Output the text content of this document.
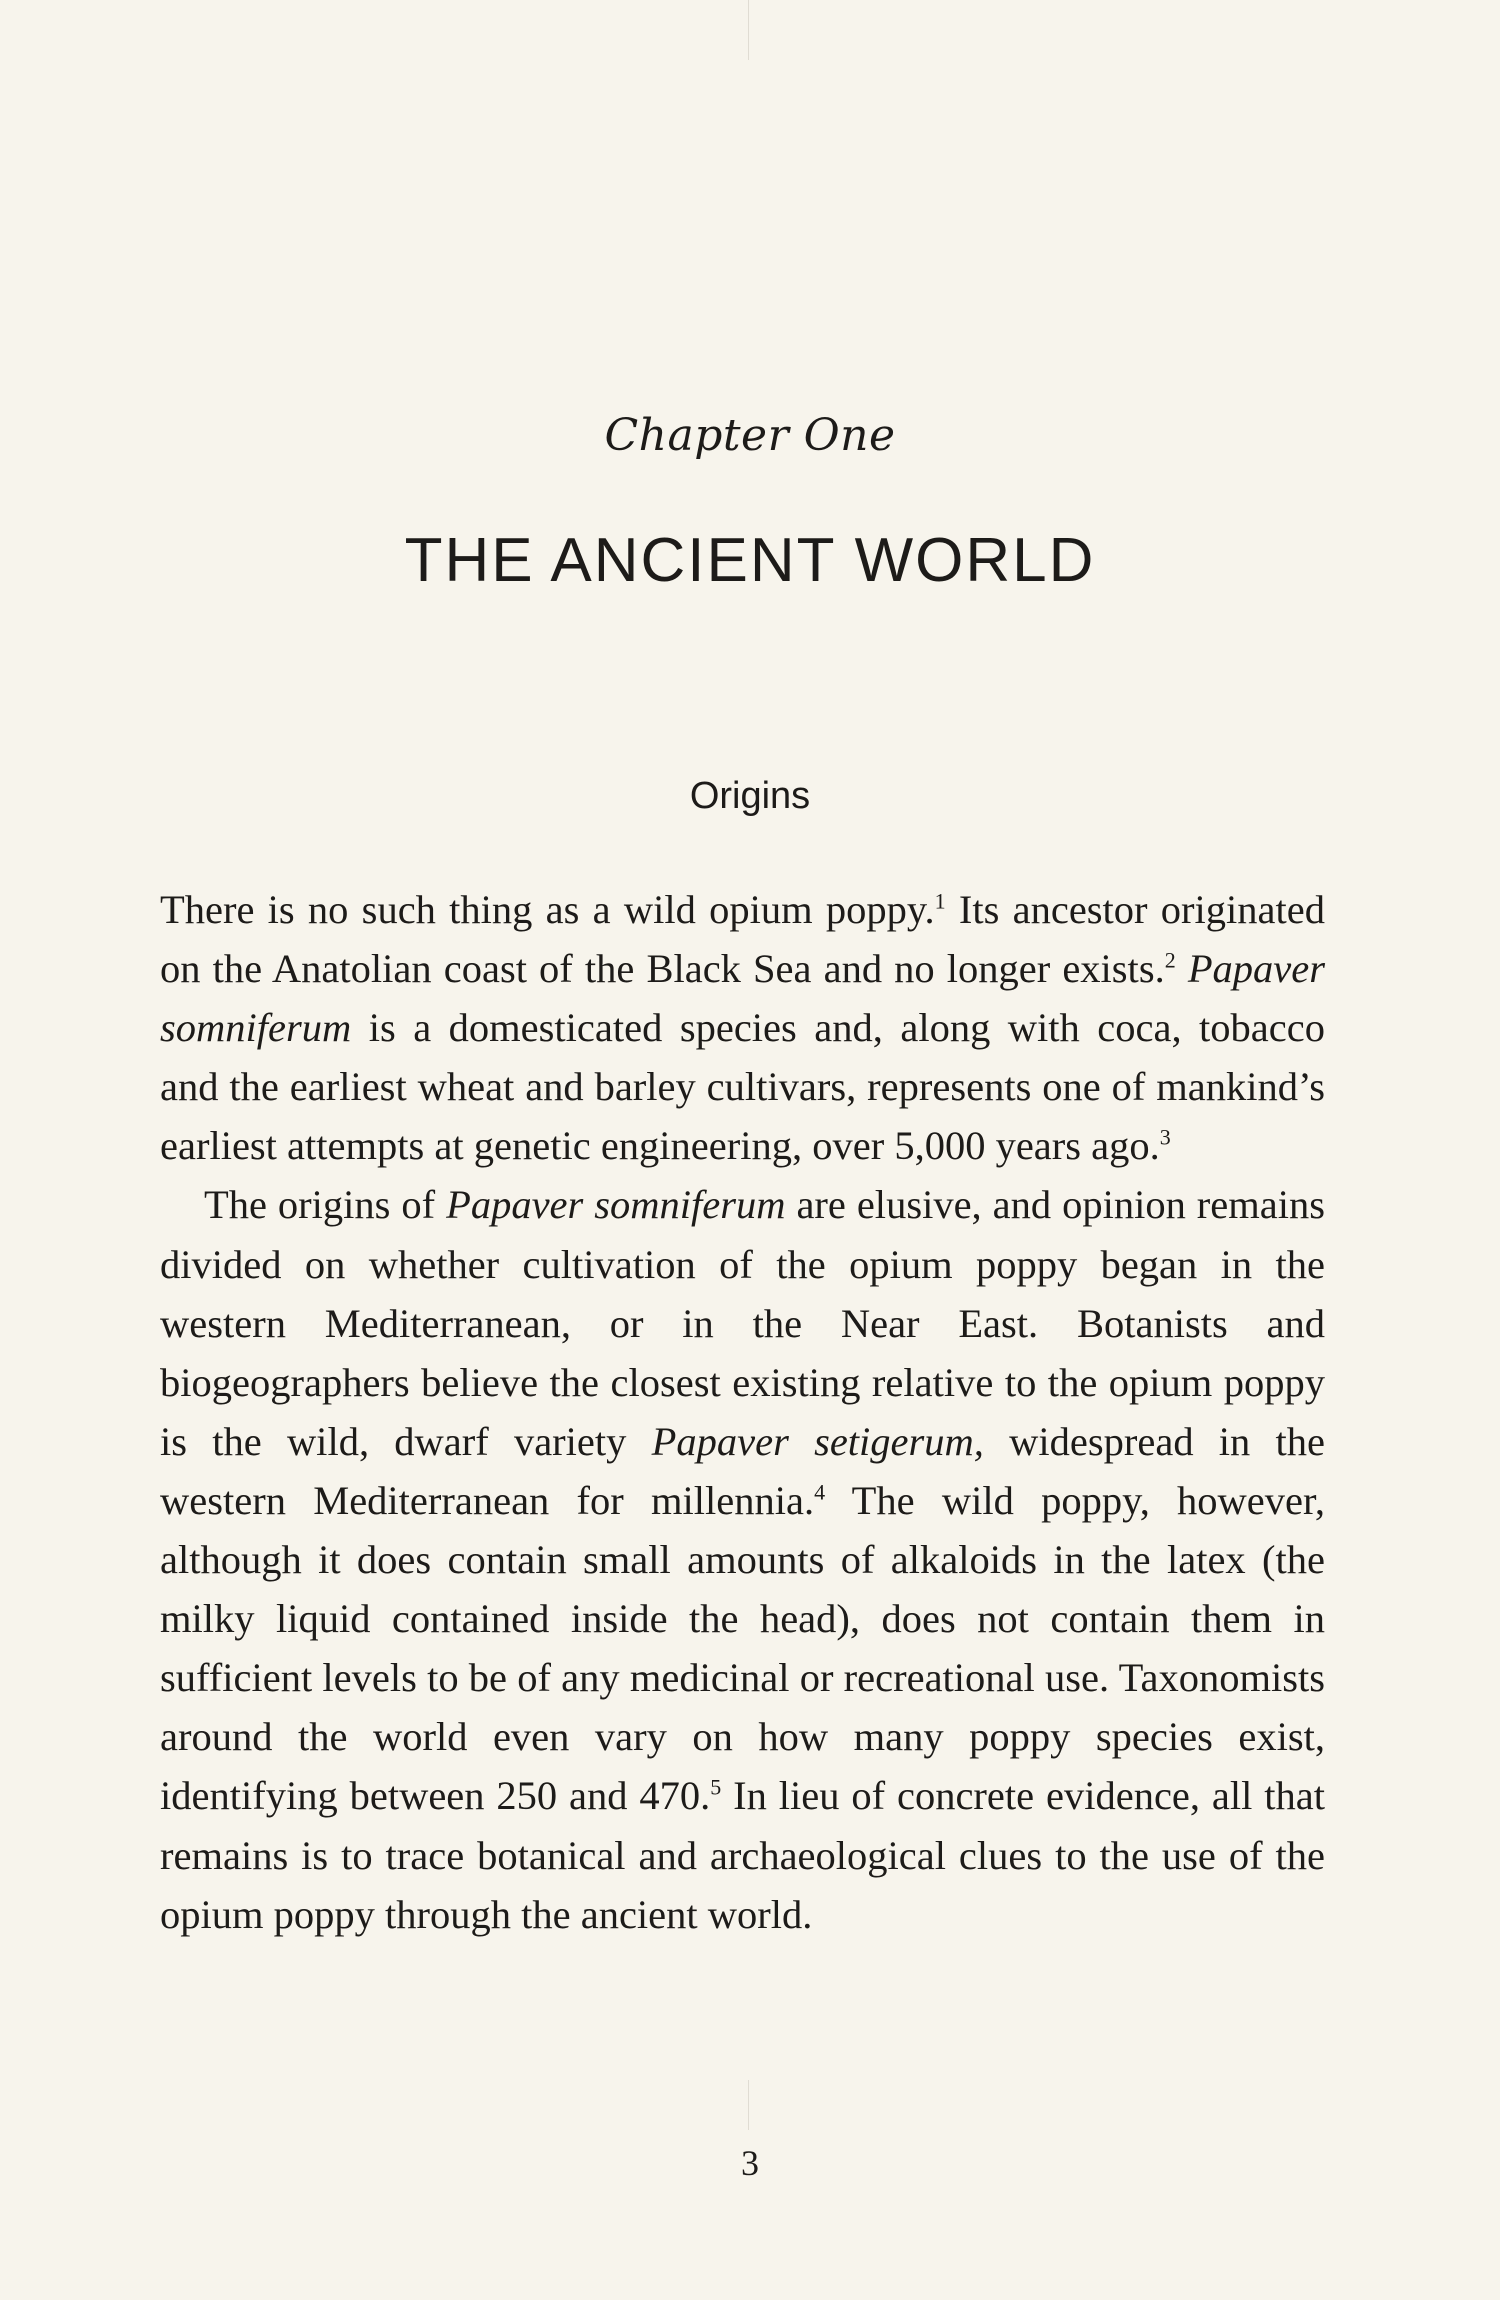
Chapter One
THE ANCIENT WORLD
Origins

There is no such thing as a wild opium poppy.$^1$ Its ancestor originated on the Anatolian coast of the Black Sea and no longer exists.$^2$ Papaver somniferum is a domesticated species and, along with coca, tobacco and the earliest wheat and barley cultivars, represents one of mankind’s earliest attempts at genetic engineering, over 5,000 years ago.$^3$

The origins of Papaver somniferum are elusive, and opinion remains divided on whether cultivation of the opium poppy began in the western Mediterranean, or in the Near East. Botanists and biogeographers believe the closest existing relative to the opium poppy is the wild, dwarf variety Papaver setigerum, widespread in the western Mediterranean for millennia.$^4$ The wild poppy, however, although it does contain small amounts of alkaloids in the latex (the milky liquid contained inside the head), does not contain them in sufficient levels to be of any medicinal or recreational use. Taxonomists around the world even vary on how many poppy species exist, identifying between 250 and 470.$^5$ In lieu of concrete evidence, all that remains is to trace botanical and archaeological clues to the use of the opium poppy through the ancient world.

3
